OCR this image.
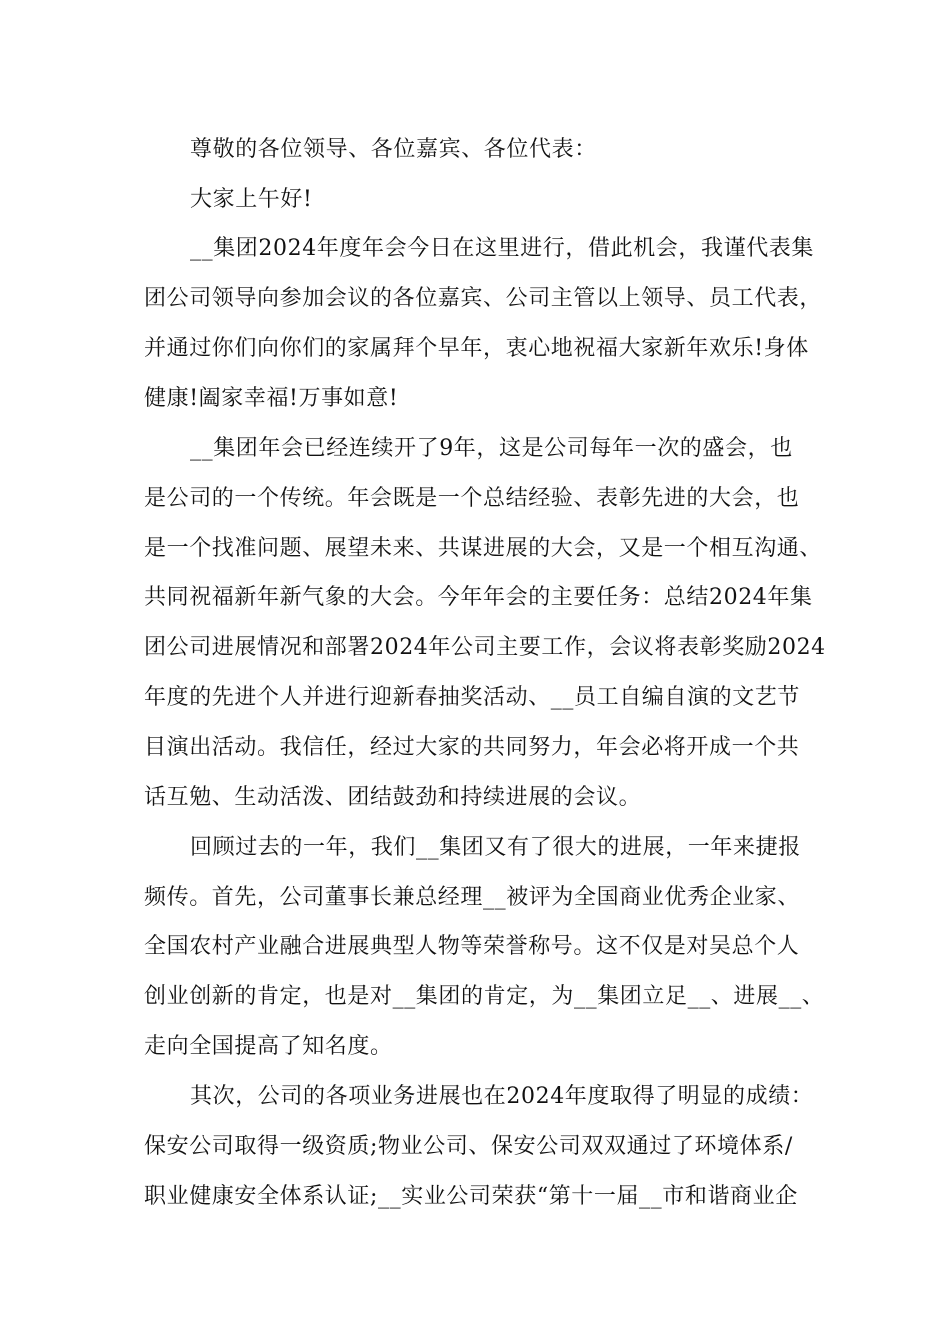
尊敬的各位领导、各位嘉宾、各位代表：
大家上午好!
__集团2024年度年会今日在这里进行，借此机会，我谨代表集
团公司领导向参加会议的各位嘉宾、公司主管以上领导、员工代表，
并通过你们向你们的家属拜个早年，衷心地祝福大家新年欢乐!身体
健康!阖家幸福!万事如意!
__集团年会已经连续开了9年，这是公司每年一次的盛会，也
是公司的一个传统。年会既是一个总结经验、表彰先进的大会，也
是一个找准问题、展望未来、共谋进展的大会，又是一个相互沟通、
共同祝福新年新气象的大会。今年年会的主要任务：总结2024年集
团公司进展情况和部署2024年公司主要工作，会议将表彰奖励2024
年度的先进个人并进行迎新春抽奖活动、__员工自编自演的文艺节
目演出活动。我信任，经过大家的共同努力，年会必将开成一个共
话互勉、生动活泼、团结鼓劲和持续进展的会议。
回顾过去的一年，我们__集团又有了很大的进展，一年来捷报
频传。首先，公司董事长兼总经理__被评为全国商业优秀企业家、
全国农村产业融合进展典型人物等荣誉称号。这不仅是对吴总个人
创业创新的肯定，也是对__集团的肯定，为__集团立足__、进展__、
走向全国提高了知名度。
其次，公司的各项业务进展也在2024年度取得了明显的成绩：
保安公司取得一级资质;物业公司、保安公司双双通过了环境体系/
职业健康安全体系认证;__实业公司荣获“第十一届__市和谐商业企
